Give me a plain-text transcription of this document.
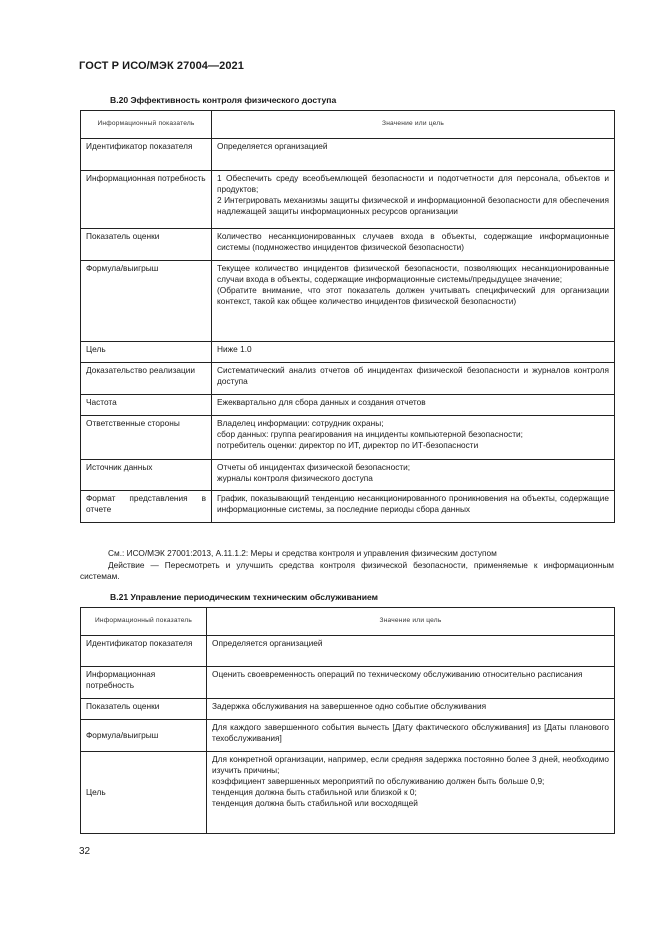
ГОСТ Р ИСО/МЭК 27004—2021
В.20 Эффективность контроля физического доступа
Информационный показатель	Значение или цель
Идентификатор показателя	Определяется организацией
Информационная потребность	1 Обеспечить среду всеобъемлющей безопасности и подотчетности для персонала, объектов и продуктов;
2 Интегрировать механизмы защиты физической и информационной безопасности для обеспечения надлежащей защиты информационных ресурсов организации
Показатель оценки	Количество несанкционированных случаев входа в объекты, содержащие информационные системы (подмножество инцидентов физической безопасности)
Формула/выигрыш	Текущее количество инцидентов физической безопасности, позволяющих несанкционированные случаи входа в объекты, содержащие информационные системы/предыдущее значение;
(Обратите внимание, что этот показатель должен учитывать специфический для организации контекст, такой как общее количество инцидентов физической безопасности)
Цель	Ниже 1.0
Доказательство реализации	Систематический анализ отчетов об инцидентах физической безопасности и журналов контроля доступа
Частота	Ежеквартально для сбора данных и создания отчетов
Ответственные стороны	Владелец информации: сотрудник охраны;
сбор данных: группа реагирования на инциденты компьютерной безопасности;
потребитель оценки: директор по ИТ, директор по ИТ-безопасности
Источник данных	Отчеты об инцидентах физической безопасности;
журналы контроля физического доступа
Формат представления в отчете	График, показывающий тенденцию несанкционированного проникновения на объекты, содержащие информационные системы, за последние периоды сбора данных

См.: ИСО/МЭК 27001:2013, А.11.1.2: Меры и средства контроля и управления физическим доступом

Действие — Пересмотреть и улучшить средства контроля физической безопасности, применяемые к информационным системам.

В.21 Управление периодическим техническим обслуживанием
Информационный показатель	Значение или цель
Идентификатор показателя	Определяется организацией
Информационная потребность	Оценить своевременность операций по техническому обслуживанию относительно расписания
Показатель оценки	Задержка обслуживания на завершенное одно событие обслуживания
Формула/выигрыш	Для каждого завершенного события вычесть [Дату фактического обслуживания] из [Даты планового техобслуживания]
Цель	Для конкретной организации, например, если средняя задержка постоянно более 3 дней, необходимо изучить причины;
коэффициент завершенных мероприятий по обслуживанию должен быть больше 0,9;
тенденция должна быть стабильной или близкой к 0;
тенденция должна быть стабильной или восходящей
32
